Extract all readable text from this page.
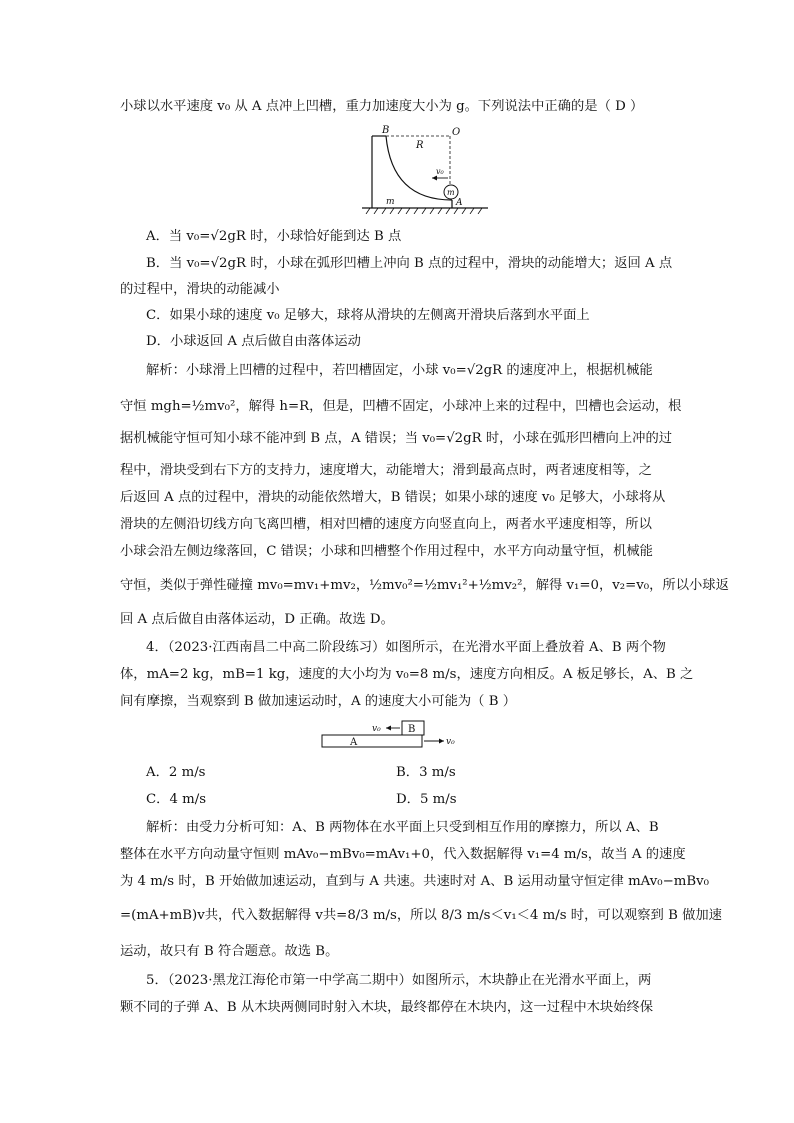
小球以水平速度 v₀ 从 A 点冲上凹槽，重力加速度大小为 g。下列说法中正确的是（ D ）
B	O
R
v₀
m
m	A
A．当 v₀=√2gR 时，小球恰好能到达 B 点
B．当 v₀=√2gR 时，小球在弧形凹槽上冲向 B 点的过程中，滑块的动能增大；返回 A 点
的过程中，滑块的动能减小
C．如果小球的速度 v₀ 足够大，球将从滑块的左侧离开滑块后落到水平面上
D．小球返回 A 点后做自由落体运动
解析：小球滑上凹槽的过程中，若凹槽固定，小球 v₀=√2gR 的速度冲上，根据机械能
守恒 mgh=½mv₀²，解得 h=R，但是，凹槽不固定，小球冲上来的过程中，凹槽也会运动，根
据机械能守恒可知小球不能冲到 B 点，A 错误；当 v₀=√2gR 时，小球在弧形凹槽向上冲的过
程中，滑块受到右下方的支持力，速度增大，动能增大；滑到最高点时，两者速度相等，之
后返回 A 点的过程中，滑块的动能依然增大，B 错误；如果小球的速度 v₀ 足够大，小球将从
滑块的左侧沿切线方向飞离凹槽，相对凹槽的速度方向竖直向上，两者水平速度相等，所以
小球会沿左侧边缘落回，C 错误；小球和凹槽整个作用过程中，水平方向动量守恒，机械能
守恒，类似于弹性碰撞 mv₀=mv₁+mv₂，½mv₀²=½mv₁²+½mv₂²，解得 v₁=0，v₂=v₀，所以小球返
回 A 点后做自由落体运动，D 正确。故选 D。
4．（2023·江西南昌二中高二阶段练习）如图所示，在光滑水平面上叠放着 A、B 两个物
体，mA=2 kg，mB=1 kg，速度的大小均为 v₀=8 m/s，速度方向相反。A 板足够长，A、B 之
间有摩擦，当观察到 B 做加速运动时，A 的速度大小可能为（ B ）
v₀	B
A	v₀
A．2 m/s	B．3 m/s
C．4 m/s	D．5 m/s
解析：由受力分析可知：A、B 两物体在水平面上只受到相互作用的摩擦力，所以 A、B
整体在水平方向动量守恒则 mAv₀−mBv₀=mAv₁+0，代入数据解得 v₁=4 m/s，故当 A 的速度
为 4 m/s 时，B 开始做加速运动，直到与 A 共速。共速时对 A、B 运用动量守恒定律 mAv₀−mBv₀
=(mA+mB)v共，代入数据解得 v共=8/3 m/s，所以 8/3 m/s＜v₁＜4 m/s 时，可以观察到 B 做加速
运动，故只有 B 符合题意。故选 B。
5．（2023·黑龙江海伦市第一中学高二期中）如图所示，木块静止在光滑水平面上，两
颗不同的子弹 A、B 从木块两侧同时射入木块，最终都停在木块内，这一过程中木块始终保
